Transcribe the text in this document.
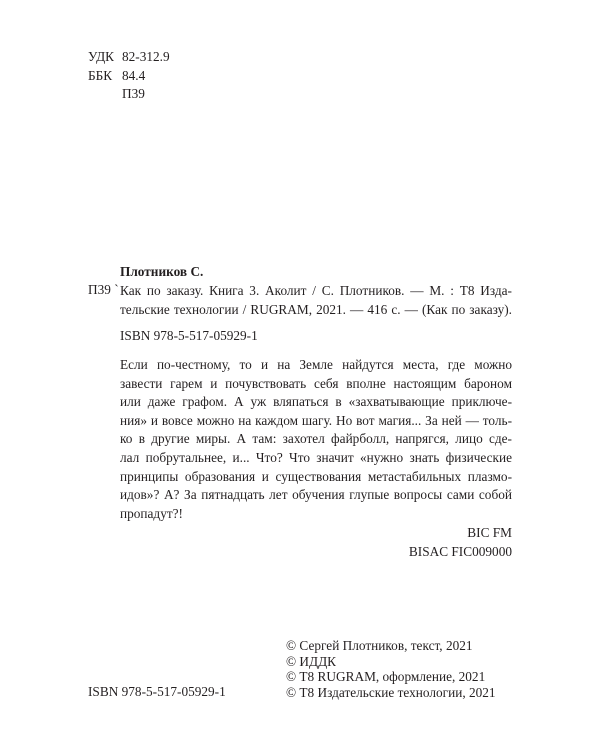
УДК 82-312.9
ББК 84.4
П39
Плотников С.
П39 ` Как по заказу. Книга 3. Аколит / С. Плотников. — М. : Т8 Изда-
тельские технологии / RUGRAM, 2021. — 416 с. — (Как по заказу).
ISBN 978-5-517-05929-1
Если по-честному, то и на Земле найдутся места, где можно
завести гарем и почувствовать себя вполне настоящим бароном
или даже графом. А уж вляпаться в «захватывающие приключе-
ния» и вовсе можно на каждом шагу. Но вот магия... За ней — толь-
ко в другие миры. А там: захотел файрболл, напрягся, лицо сде-
лал побрутальнее, и... Что? Что значит «нужно знать физические
принципы образования и существования метастабильных плазмо-
идов»? А? За пятнадцать лет обучения глупые вопросы сами собой
пропадут?!
BIC FM
BISAC FIC009000
© Сергей Плотников, текст, 2021
© ИДДК
© Т8 RUGRAM, оформление, 2021
© Т8 Издательские технологии, 2021
ISBN 978-5-517-05929-1
